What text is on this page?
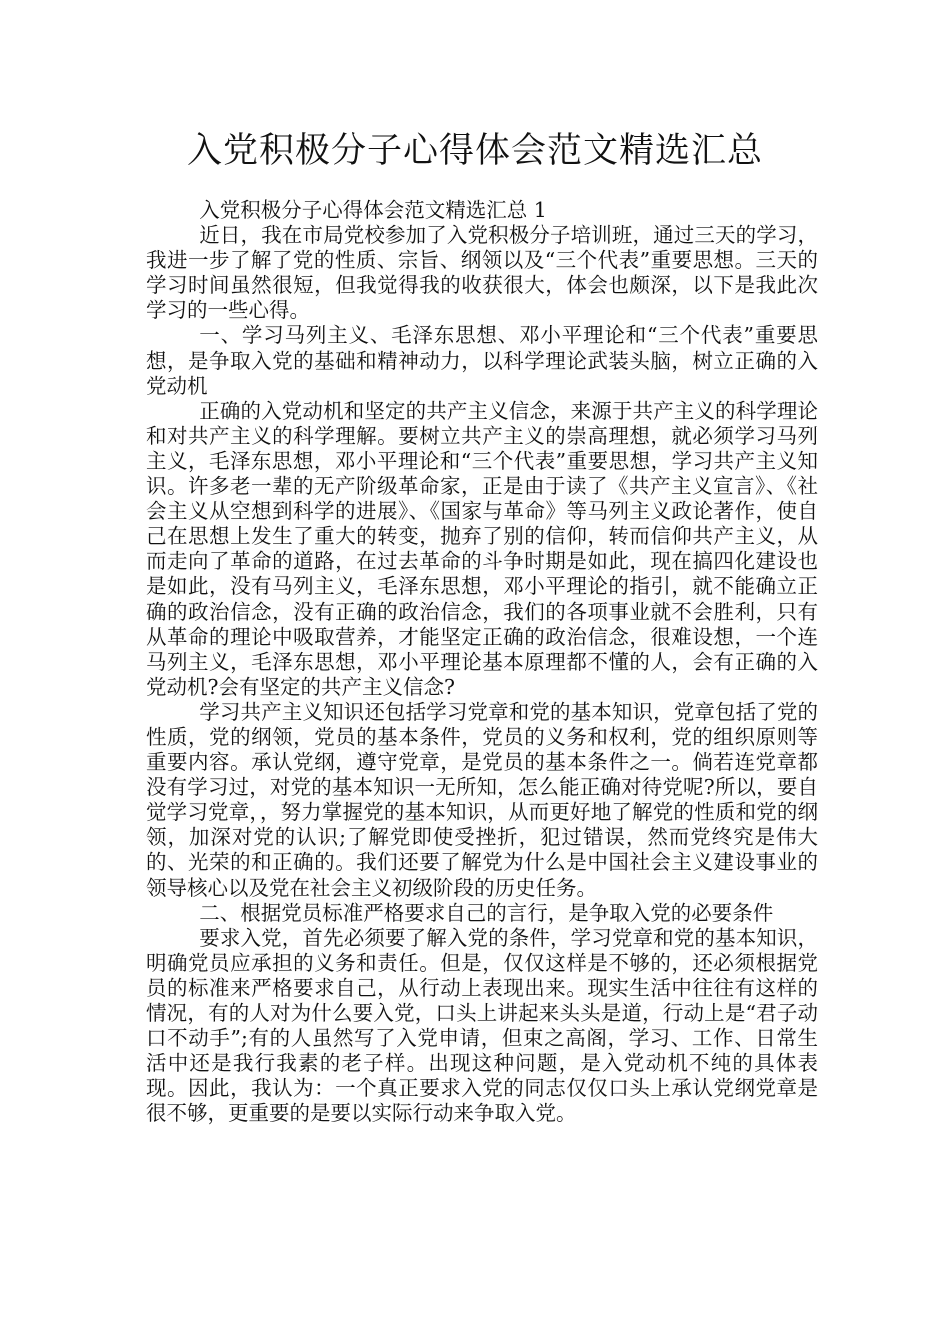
入党积极分子心得体会范文精选汇总

入党积极分子心得体会范文精选汇总 1

近日，我在市局党校参加了入党积极分子培训班，通过三天的学习，我进一步了解了党的性质、宗旨、纲领以及“三个代表”重要思想。三天的学习时间虽然很短，但我觉得我的收获很大，体会也颇深，以下是我此次学习的一些心得。

一、学习马列主义、毛泽东思想、邓小平理论和“三个代表”重要思想，是争取入党的基础和精神动力，以科学理论武装头脑，树立正确的入党动机

正确的入党动机和坚定的共产主义信念，来源于共产主义的科学理论和对共产主义的科学理解。要树立共产主义的崇高理想，就必须学习马列主义，毛泽东思想，邓小平理论和“三个代表”重要思想，学习共产主义知识。许多老一辈的无产阶级革命家，正是由于读了《共产主义宣言》、《社会主义从空想到科学的进展》、《国家与革命》等马列主义政论著作，使自己在思想上发生了重大的转变，抛弃了别的信仰，转而信仰共产主义，从而走向了革命的道路，在过去革命的斗争时期是如此，现在搞四化建设也是如此，没有马列主义，毛泽东思想，邓小平理论的指引，就不能确立正确的政治信念，没有正确的政治信念，我们的各项事业就不会胜利，只有从革命的理论中吸取营养，才能坚定正确的政治信念，很难设想，一个连马列主义，毛泽东思想，邓小平理论基本原理都不懂的人，会有正确的入党动机?会有坚定的共产主义信念?

学习共产主义知识还包括学习党章和党的基本知识，党章包括了党的性质，党的纲领，党员的基本条件，党员的义务和权利，党的组织原则等重要内容。承认党纲，遵守党章，是党员的基本条件之一。倘若连党章都没有学习过，对党的基本知识一无所知，怎么能正确对待党呢?所以，要自觉学习党章，，努力掌握党的基本知识，从而更好地了解党的性质和党的纲领，加深对党的认识;了解党即使受挫折，犯过错误，然而党终究是伟大的、光荣的和正确的。我们还要了解党为什么是中国社会主义建设事业的领导核心以及党在社会主义初级阶段的历史任务。

二、根据党员标准严格要求自己的言行，是争取入党的必要条件

要求入党，首先必须要了解入党的条件，学习党章和党的基本知识，明确党员应承担的义务和责任。但是，仅仅这样是不够的，还必须根据党员的标准来严格要求自己，从行动上表现出来。现实生活中往往有这样的情况，有的人对为什么要入党，口头上讲起来头头是道，行动上是“君子动口不动手”;有的人虽然写了入党申请，但束之高阁，学习、工作、日常生活中还是我行我素的老子样。出现这种问题，是入党动机不纯的具体表现。因此，我认为：一个真正要求入党的同志仅仅口头上承认党纲党章是很不够，更重要的是要以实际行动来争取入党。
